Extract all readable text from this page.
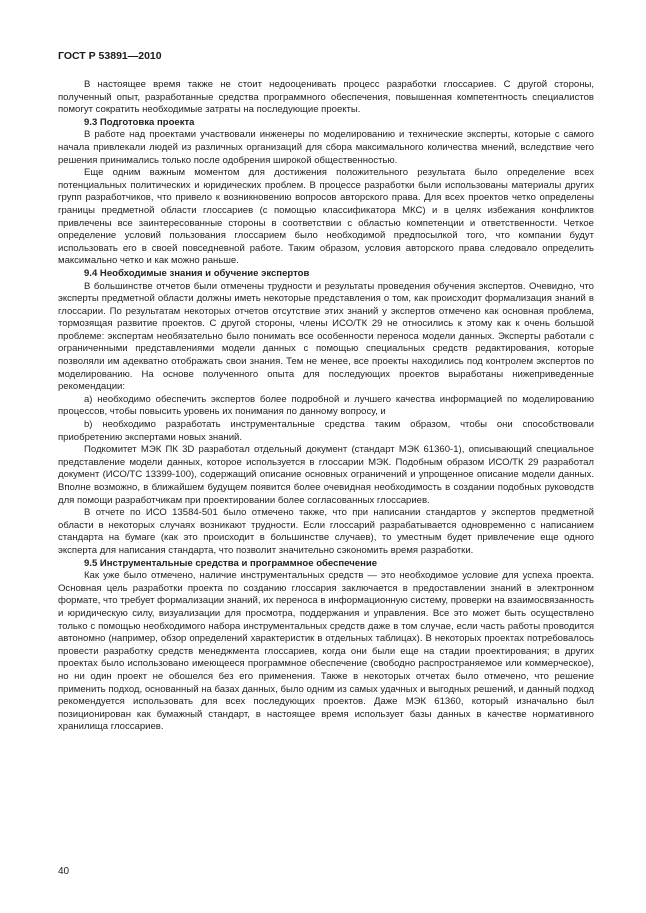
ГОСТ Р 53891—2010

В настоящее время также не стоит недооценивать процесс разработки глоссариев. С другой стороны, полученный опыт, разработанные средства программного обеспечения, повышенная компетентность специалистов помогут сократить необходимые затраты на последующие проекты.

9.3 Подготовка проекта

В работе над проектами участвовали инженеры по моделированию и технические эксперты, которые с самого начала привлекали людей из различных организаций для сбора максимального количества мнений, вследствие чего решения принимались только после одобрения широкой общественностью.

Еще одним важным моментом для достижения положительного результата было определение всех потенциальных политических и юридических проблем. В процессе разработки были использованы материалы других групп разработчиков, что привело к возникновению вопросов авторского права. Для всех проектов четко определены границы предметной области глоссариев (с помощью классификатора МКС) и в целях избежания конфликтов привлечены все заинтересованные стороны в соответствии с областью компетенции и ответственности. Четкое определение условий пользования глоссарием было необходимой предпосылкой того, что компании будут использовать его в своей повседневной работе. Таким образом, условия авторского права следовало определить максимально четко и как можно раньше.

9.4 Необходимые знания и обучение экспертов

В большинстве отчетов были отмечены трудности и результаты проведения обучения экспертов. Очевидно, что эксперты предметной области должны иметь некоторые представления о том, как происходит формализация знаний в глоссарии. По результатам некоторых отчетов отсутствие этих знаний у экспертов отмечено как основная проблема, тормозящая развитие проектов. С другой стороны, члены ИСО/ТК 29 не относились к этому как к очень большой проблеме: экспертам необязательно было понимать все особенности переноса модели данных. Эксперты работали с ограниченными представлениями модели данных с помощью специальных средств редактирования, которые позволяли им адекватно отображать свои знания. Тем не менее, все проекты находились под контролем экспертов по моделированию. На основе полученного опыта для последующих проектов выработаны нижеприведенные рекомендации:

а) необходимо обеспечить экспертов более подробной и лучшего качества информацией по моделированию процессов, чтобы повысить уровень их понимания по данному вопросу, и

b) необходимо разработать инструментальные средства таким образом, чтобы они способствовали приобретению экспертами новых знаний.

Подкомитет МЭК ПК 3D разработал отдельный документ (стандарт МЭК 61360-1), описывающий специальное представление модели данных, которое используется в глоссарии МЭК. Подобным образом ИСО/ТК 29 разработал документ (ИСО/ТС 13399-100), содержащий описание основных ограничений и упрощенное описание модели данных. Вполне возможно, в ближайшем будущем появится более очевидная необходимость в создании подобных руководств для помощи разработчикам при проектировании более согласованных глоссариев.

В отчете по ИСО 13584-501 было отмечено также, что при написании стандартов у экспертов предметной области в некоторых случаях возникают трудности. Если глоссарий разрабатывается одновременно с написанием стандарта на бумаге (как это происходит в большинстве случаев), то уместным будет привлечение еще одного эксперта для написания стандарта, что позволит значительно сэкономить время разработки.

9.5 Инструментальные средства и программное обеспечение

Как уже было отмечено, наличие инструментальных средств — это необходимое условие для успеха проекта. Основная цель разработки проекта по созданию глоссария заключается в предоставлении знаний в электронном формате, что требует формализации знаний, их переноса в информационную систему, проверки на взаимосвязанность и юридическую силу, визуализации для просмотра, поддержания и управления. Все это может быть осуществлено только с помощью необходимого набора инструментальных средств даже в том случае, если часть работы проводится автономно (например, обзор определений характеристик в отдельных таблицах). В некоторых проектах потребовалось провести разработку средств менеджмента глоссариев, когда они были еще на стадии проектирования; в других проектах было использовано имеющееся программное обеспечение (свободно распространяемое или коммерческое), но ни один проект не обошелся без его применения. Также в некоторых отчетах было отмечено, что решение применить подход, основанный на базах данных, было одним из самых удачных и выгодных решений, и данный подход рекомендуется использовать для всех последующих проектов. Даже МЭК 61360, который изначально был позиционирован как бумажный стандарт, в настоящее время использует базы данных в качестве нормативного хранилища глоссариев.

40
